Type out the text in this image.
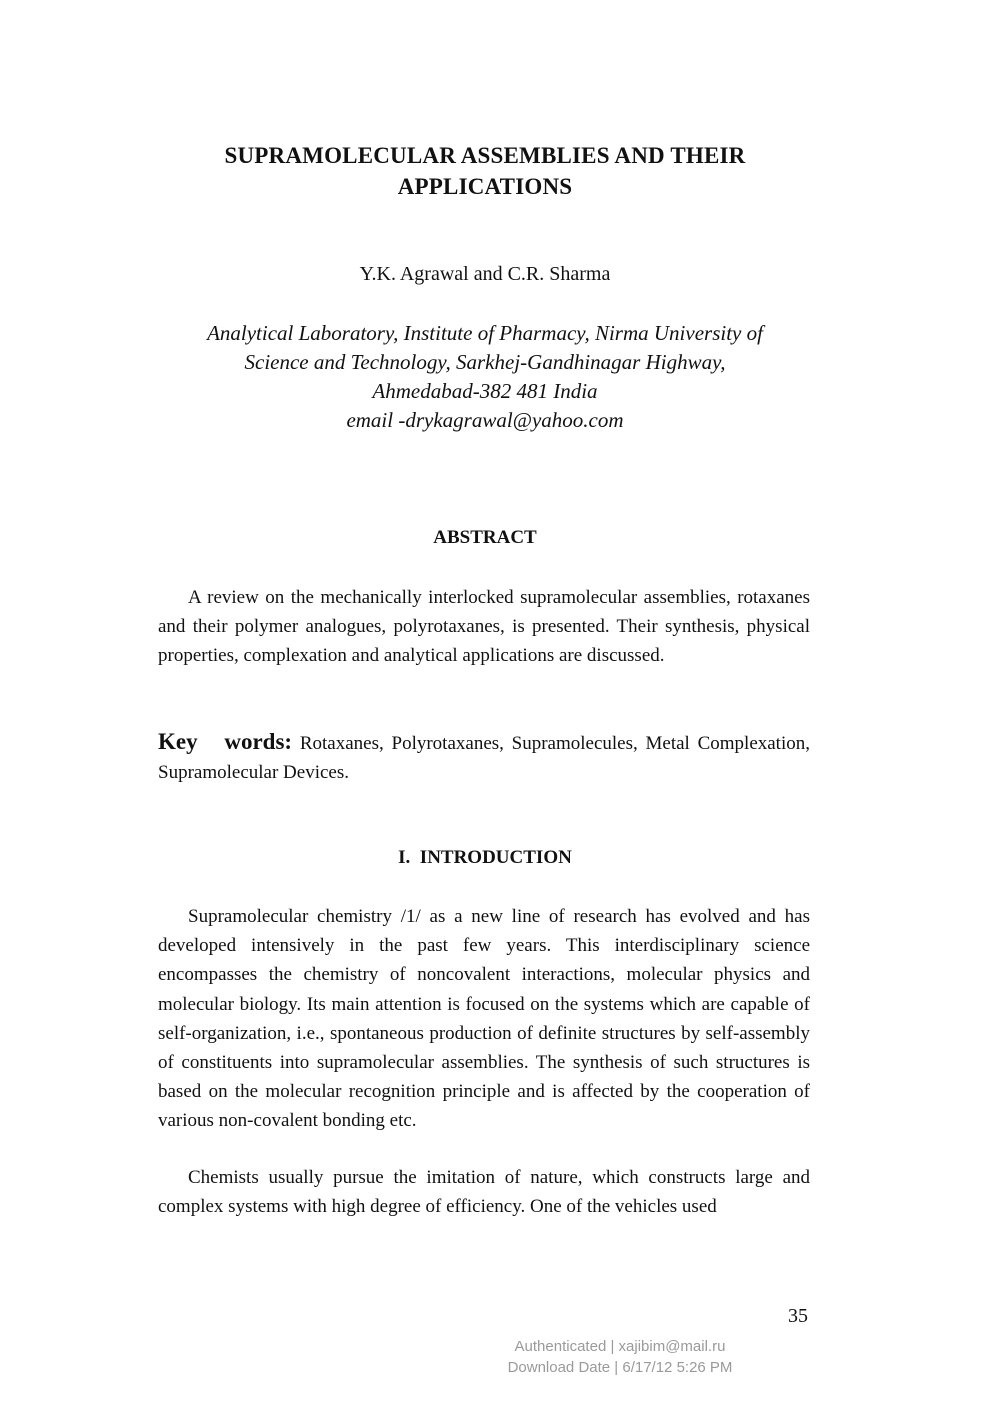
SUPRAMOLECULAR ASSEMBLIES AND THEIR
APPLICATIONS
Y.K. Agrawal and C.R. Sharma
Analytical Laboratory, Institute of Pharmacy, Nirma University of
Science and Technology, Sarkhej-Gandhinagar Highway,
Ahmedabad-382 481 India
email -drykagrawal@yahoo.com
ABSTRACT

A review on the mechanically interlocked supramolecular assemblies, rotaxanes and their polymer analogues, polyrotaxanes, is presented. Their synthesis, physical properties, complexation and analytical applications are discussed.

Key words: Rotaxanes, Polyrotaxanes, Supramolecules, Metal Complexation, Supramolecular Devices.

I.  INTRODUCTION

Supramolecular chemistry /1/ as a new line of research has evolved and has developed intensively in the past few years. This interdisciplinary science encompasses the chemistry of noncovalent interactions, molecular physics and molecular biology. Its main attention is focused on the systems which are capable of self-organization, i.e., spontaneous production of definite structures by self-assembly of constituents into supramolecular assemblies. The synthesis of such structures is based on the molecular recognition principle and is affected by the cooperation of various non-covalent bonding etc.

Chemists usually pursue the imitation of nature, which constructs large and complex systems with high degree of efficiency. One of the vehicles used

35
Authenticated | xajibim@mail.ru
Download Date | 6/17/12 5:26 PM
